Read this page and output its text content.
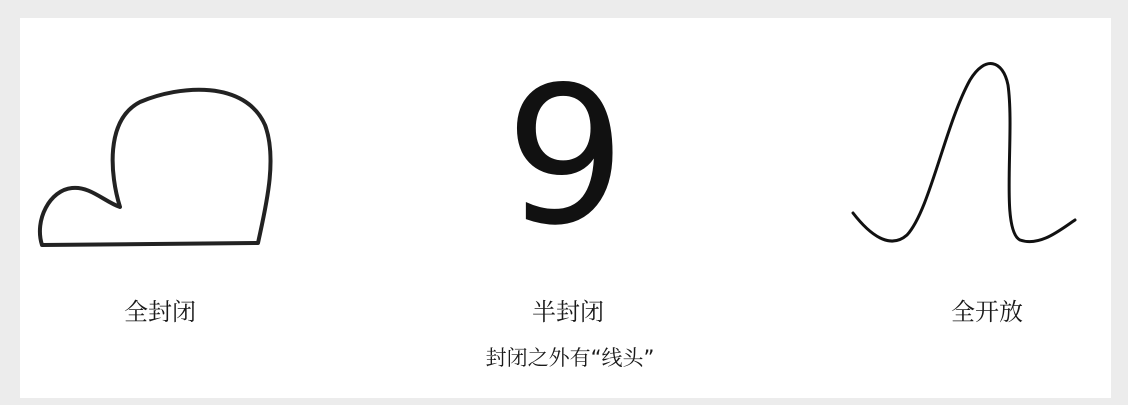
全封闭
9
半封闭
封闭之外有“线头”
全开放
